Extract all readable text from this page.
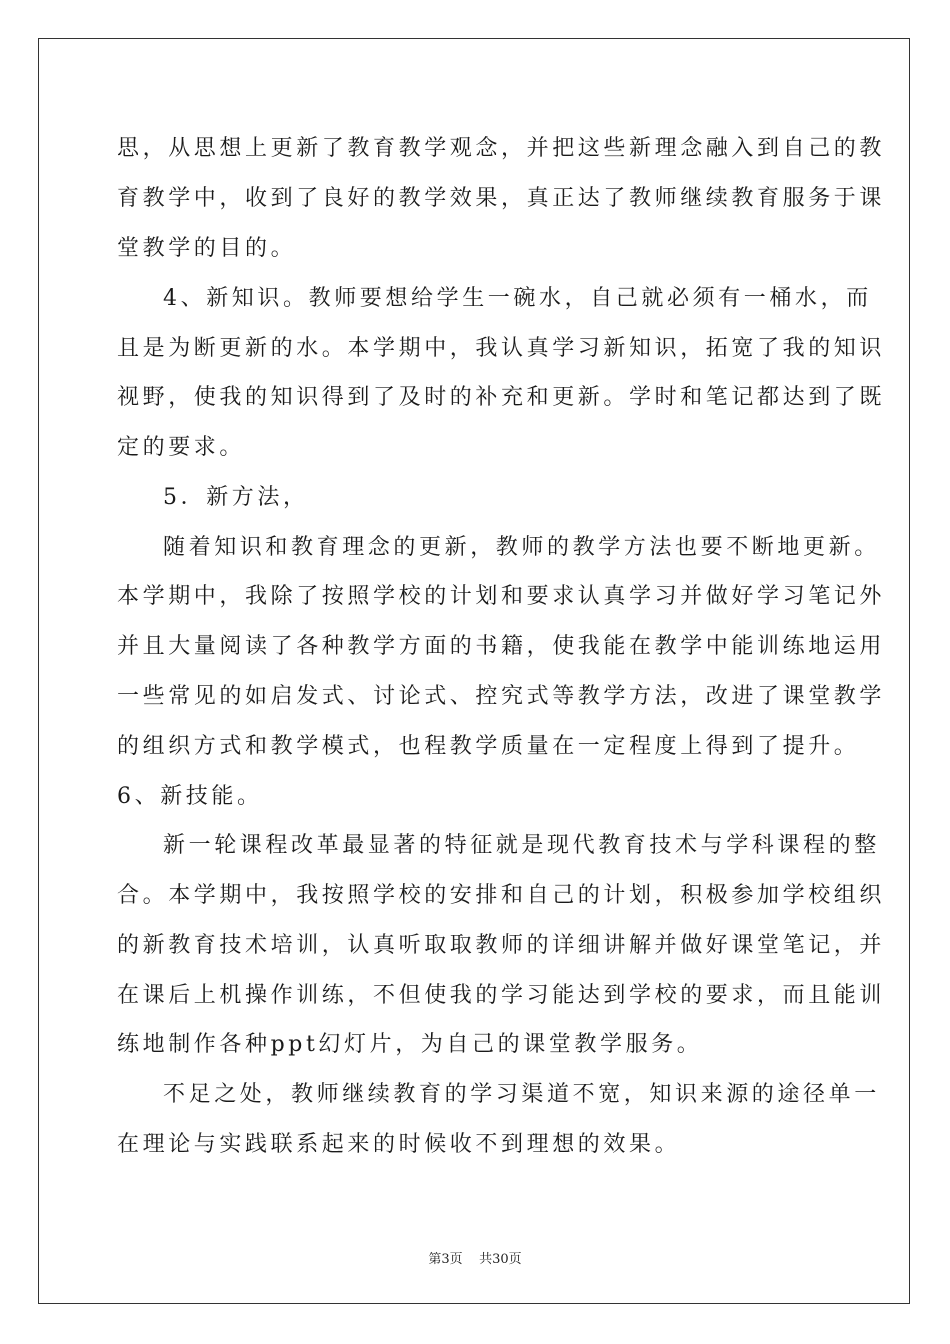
思，从思想上更新了教育教学观念，并把这些新理念融入到自己的教
育教学中，收到了良好的教学效果，真正达了教师继续教育服务于课
堂教学的目的。
4、新知识。教师要想给学生一碗水，自己就必须有一桶水，而
且是为断更新的水。本学期中，我认真学习新知识，拓宽了我的知识
视野，使我的知识得到了及时的补充和更新。学时和笔记都达到了既
定的要求。
5．新方法，
随着知识和教育理念的更新，教师的教学方法也要不断地更新。
本学期中，我除了按照学校的计划和要求认真学习并做好学习笔记外
并且大量阅读了各种教学方面的书籍，使我能在教学中能训练地运用
一些常见的如启发式、讨论式、控究式等教学方法，改进了课堂教学
的组织方式和教学模式，也程教学质量在一定程度上得到了提升。
6、新技能。
新一轮课程改革最显著的特征就是现代教育技术与学科课程的整
合。本学期中，我按照学校的安排和自己的计划，积极参加学校组织
的新教育技术培训，认真听取取教师的详细讲解并做好课堂笔记，并
在课后上机操作训练，不但使我的学习能达到学校的要求，而且能训
练地制作各种ppt幻灯片，为自己的课堂教学服务。
不足之处，教师继续教育的学习渠道不宽，知识来源的途径单一
在理论与实践联系起来的时候收不到理想的效果。
第3页    共30页
